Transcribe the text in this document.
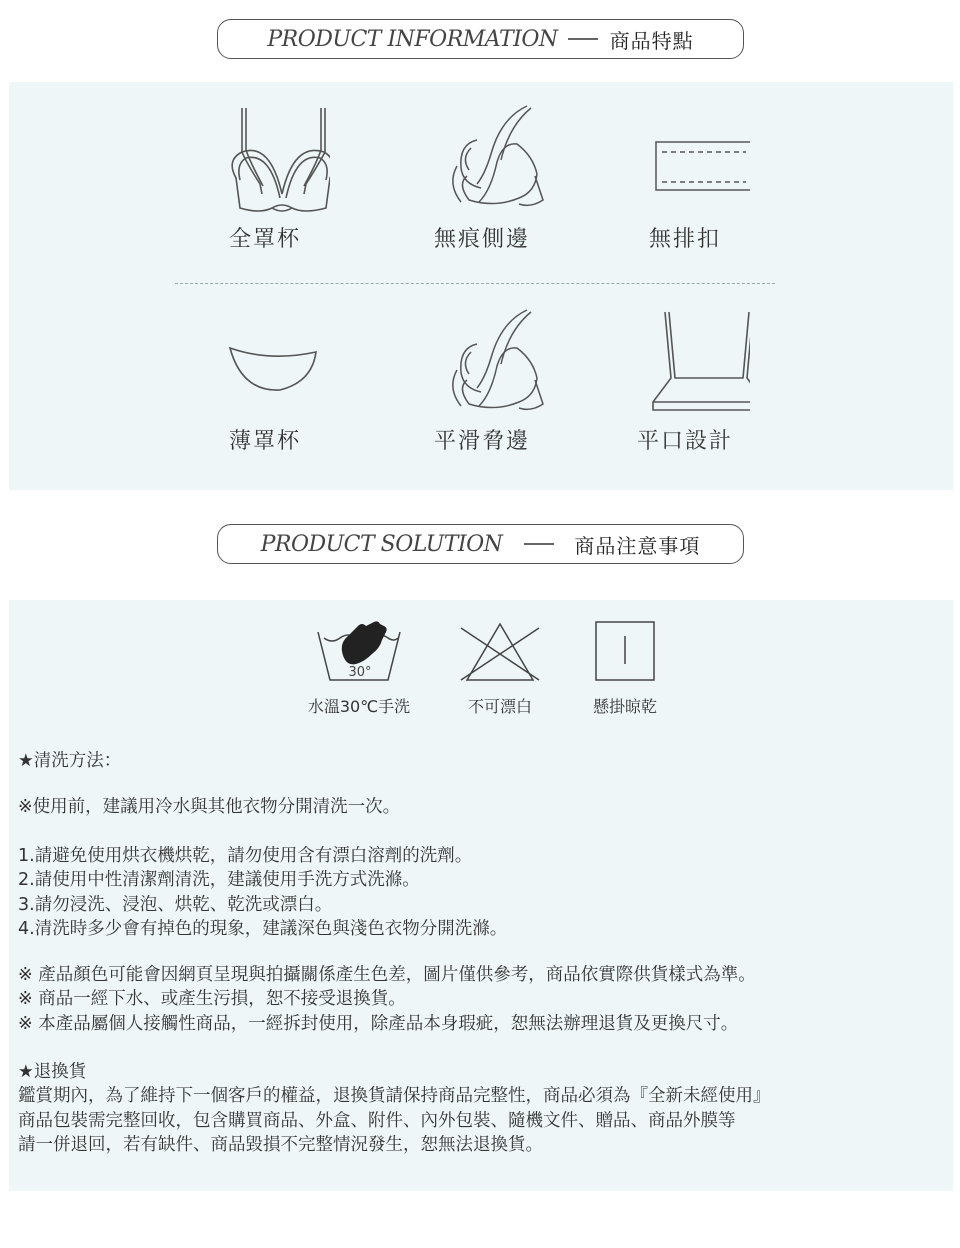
PRODUCT INFORMATION	商品特點
全罩杯	無痕側邊	無排扣
薄罩杯	平滑脅邊	平口設計
PRODUCT SOLUTION	商品注意事項
30°
水溫30℃手洗	不可漂白	懸掛晾乾
★清洗方法：
※使用前，建議用冷水與其他衣物分開清洗一次。
1.請避免使用烘衣機烘乾，請勿使用含有漂白溶劑的洗劑。
2.請使用中性清潔劑清洗，建議使用手洗方式洗滌。
3.請勿浸洗、浸泡、烘乾、乾洗或漂白。
4.清洗時多少會有掉色的現象，建議深色與淺色衣物分開洗滌。
※ 產品顏色可能會因網頁呈現與拍攝關係產生色差，圖片僅供參考，商品依實際供貨樣式為準。
※ 商品一經下水、或產生污損，恕不接受退換貨。
※ 本產品屬個人接觸性商品，一經拆封使用，除產品本身瑕疵，恕無法辦理退貨及更換尺寸。
★退換貨
鑑賞期內，為了維持下一個客戶的權益，退換貨請保持商品完整性，商品必須為『全新未經使用』
商品包裝需完整回收，包含購買商品、外盒、附件、內外包裝、隨機文件、贈品、商品外膜等
請一併退回，若有缺件、商品毀損不完整情況發生，恕無法退換貨。
